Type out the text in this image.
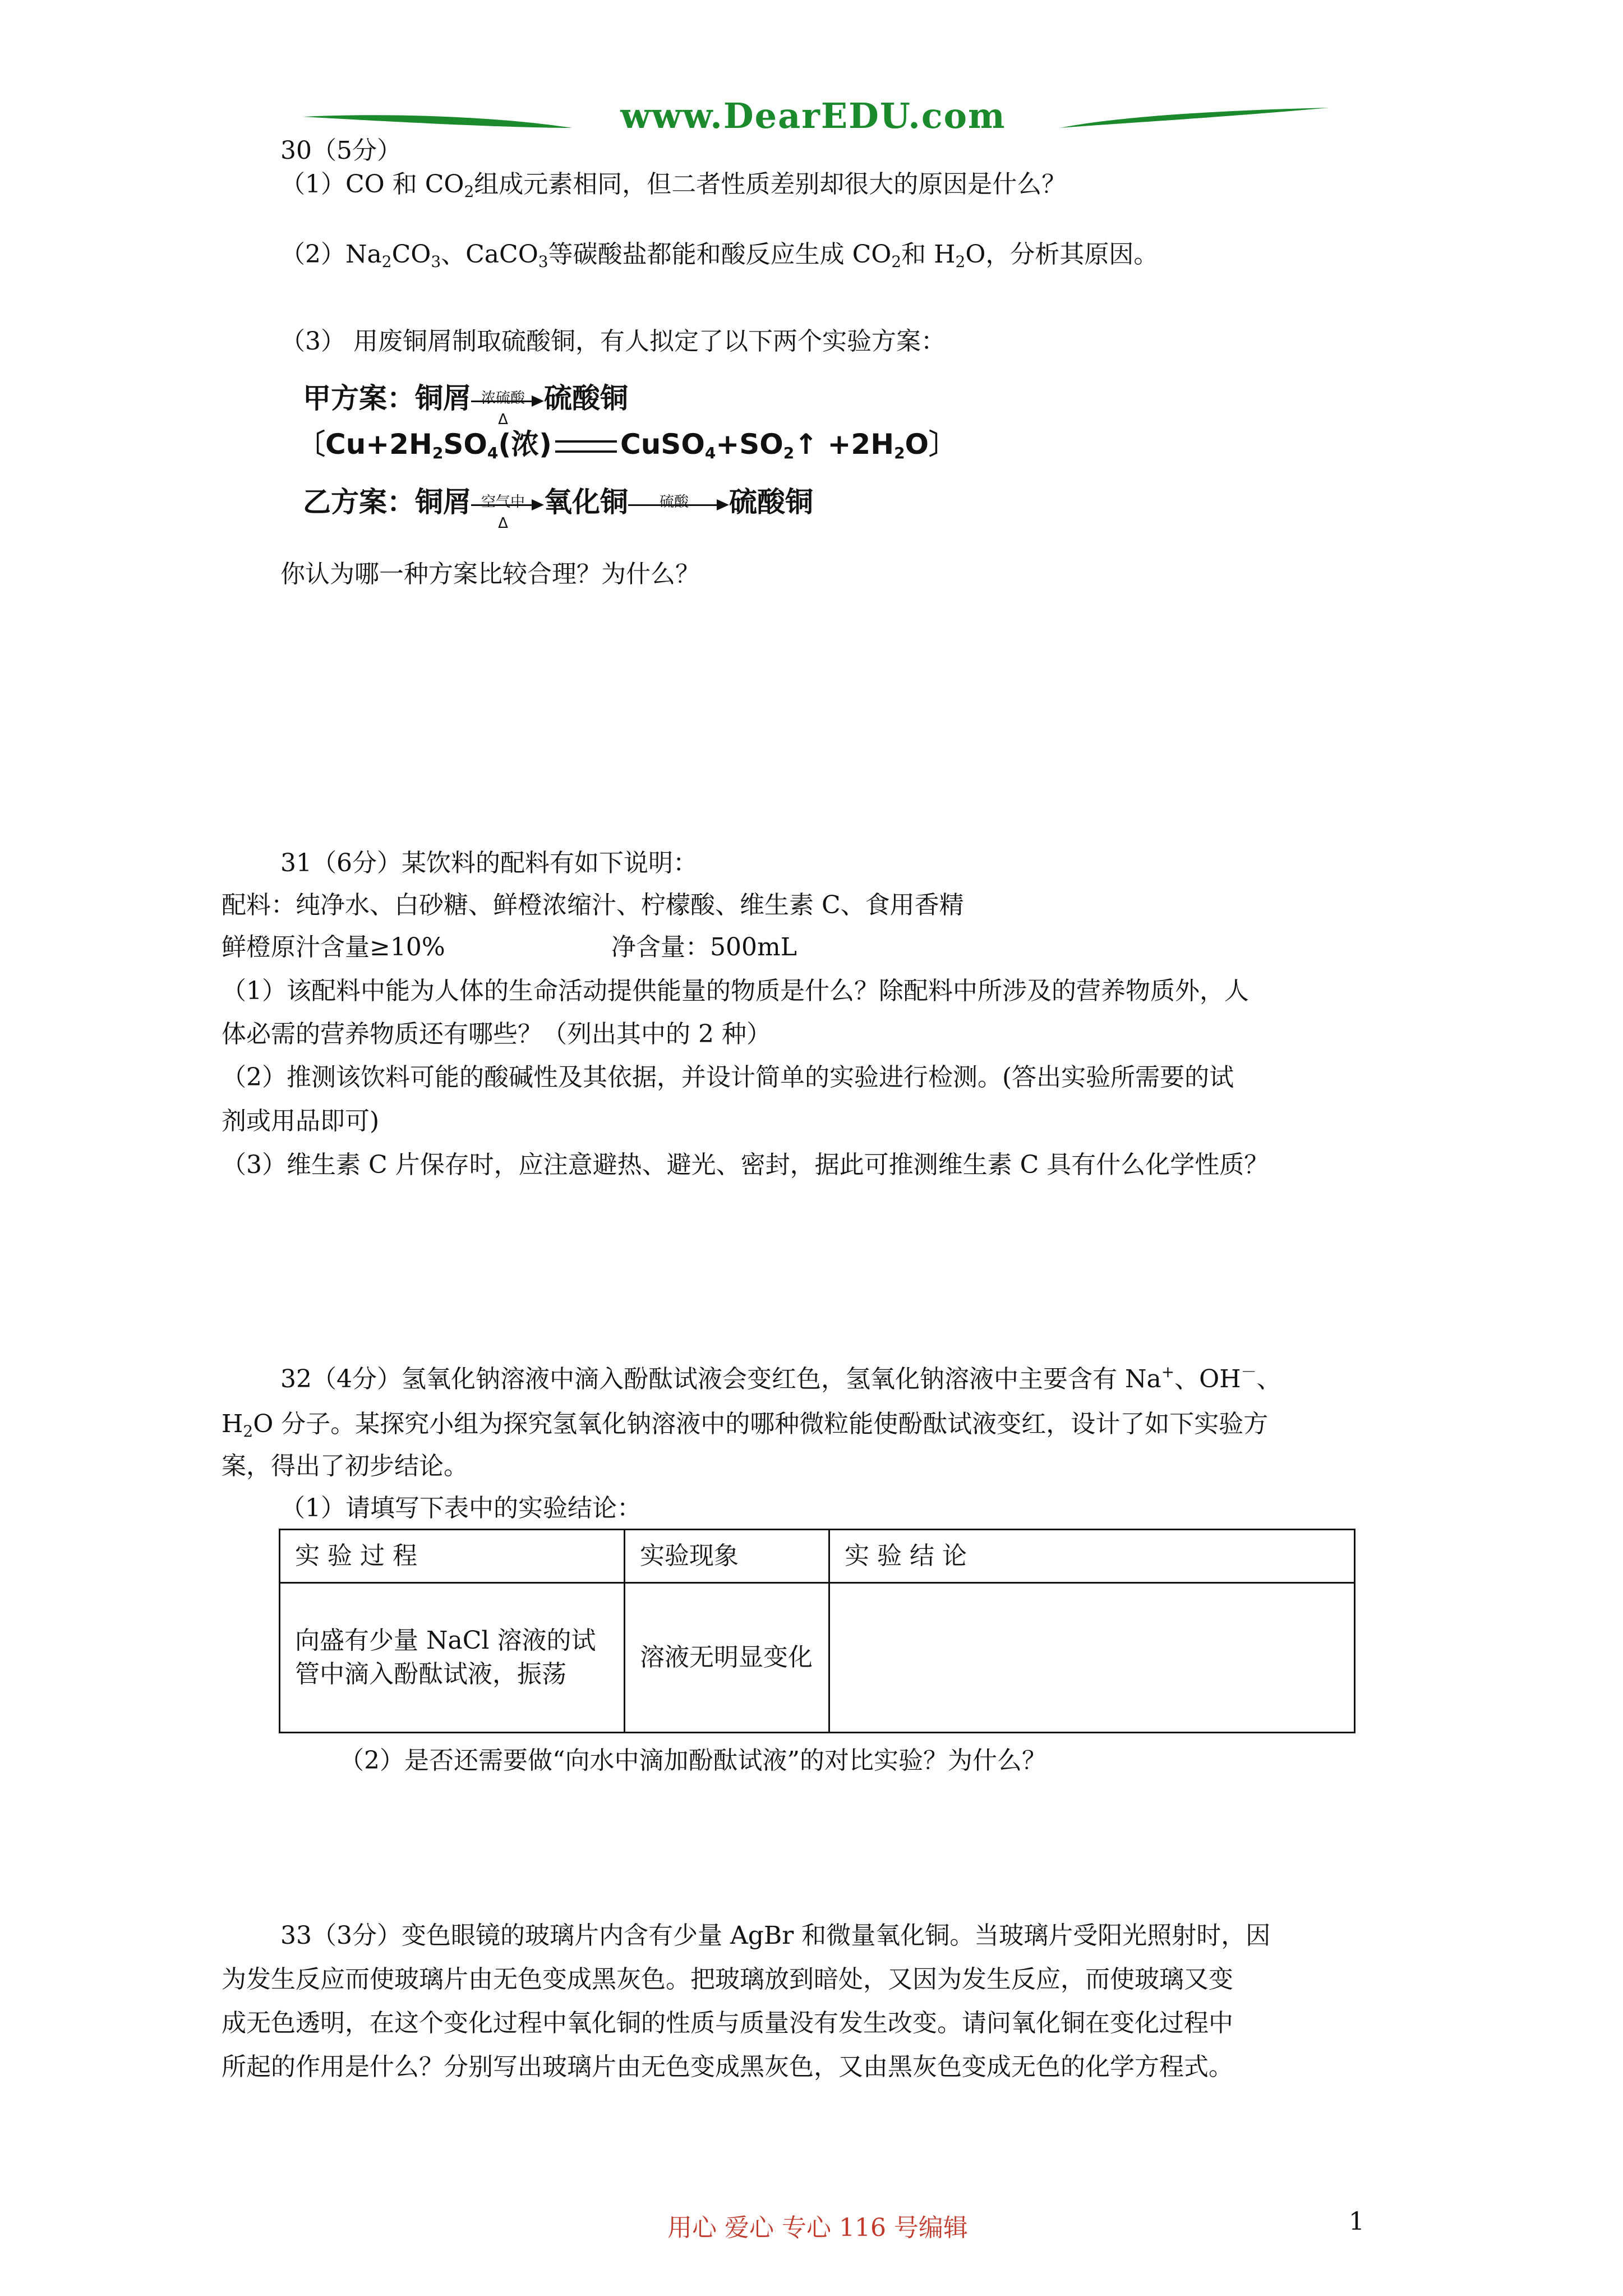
www.DearEDU.com
30（5分）
（1）CO 和 $CO_2$组成元素相同，但二者性质差别却很大的原因是什么？
$(2)Na_2CO_3$、CaCO$_3$等碳酸盐都能和酸反应生成 $CO_2$和 $H_2O$，分析其原因。
（3） 用废铜屑制取硫酸铜，有人拟定了以下两个实验方案：
甲方案：铜屑 浓硫酸
Δ
硫酸铜
〔$Cu+2H_2SO_4$(浓) $CuSO_4+SO_2↑ +2H_2O$〕
乙方案：铜屑 空气中
Δ
氧化铜	硫酸	硫酸铜
你认为哪一种方案比较合理？为什么？
31（6分）某饮料的配料有如下说明：
配料：纯净水、白砂糖、鲜橙浓缩汁、柠檬酸、维生素 C、食用香精
鲜橙原汁含量≥10%	净含量：500mL
（1）该配料中能为人体的生命活动提供能量的物质是什么？除配料中所涉及的营养物质外，人
体必需的营养物质还有哪些？（列出其中的 2 种）
（2）推测该饮料可能的酸碱性及其依据，并设计简单的实验进行检测。(答出实验所需要的试
剂或用品即可)
（3）维生素 C 片保存时，应注意避热、避光、密封，据此可推测维生素 C 具有什么化学性质？
32（4分）氢氧化钠溶液中滴入酚酞试液会变红色，氢氧化钠溶液中主要含有 Na+、OH－、
$H_2O$ 分子。某探究小组为探究氢氧化钠溶液中的哪种微粒能使酚酞试液变红，设计了如下实验方
案，得出了初步结论。
（1）请填写下表中的实验结论：
实 验 过 程	实验现象	实 验 结 论
向盛有少量 NaCl 溶液的试管中滴入酚酞试液，振荡	溶液无明显变化	
（2）是否还需要做“向水中滴加酚酞试液”的对比实验？为什么？
33（3分）变色眼镜的玻璃片内含有少量 AgBr 和微量氧化铜。当玻璃片受阳光照射时，因
为发生反应而使玻璃片由无色变成黑灰色。把玻璃放到暗处，又因为发生反应，而使玻璃又变
成无色透明，在这个变化过程中氧化铜的性质与质量没有发生改变。请问氧化铜在变化过程中
所起的作用是什么？分别写出玻璃片由无色变成黑灰色，又由黑灰色变成无色的化学方程式。
用心 爱心 专心 116 号编辑	1
